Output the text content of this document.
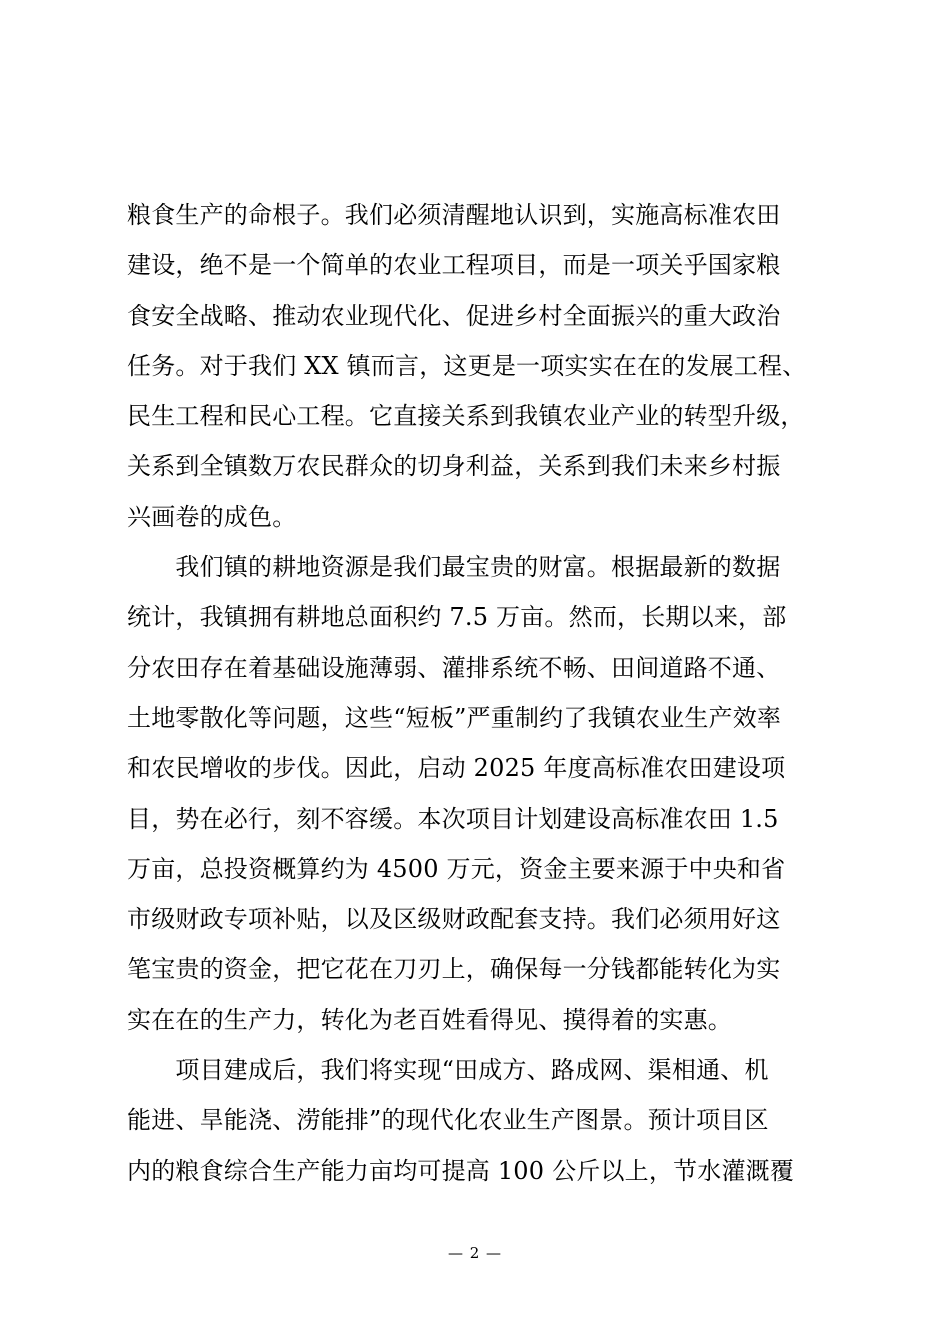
粮食生产的命根子。我们必须清醒地认识到，实施高标准农田
建设，绝不是一个简单的农业工程项目，而是一项关乎国家粮
食安全战略、推动农业现代化、促进乡村全面振兴的重大政治
任务。对于我们 XX 镇而言，这更是一项实实在在的发展工程、
民生工程和民心工程。它直接关系到我镇农业产业的转型升级，
关系到全镇数万农民群众的切身利益，关系到我们未来乡村振
兴画卷的成色。
　　我们镇的耕地资源是我们最宝贵的财富。根据最新的数据
统计，我镇拥有耕地总面积约 7.5 万亩。然而，长期以来，部
分农田存在着基础设施薄弱、灌排系统不畅、田间道路不通、
土地零散化等问题，这些“短板”严重制约了我镇农业生产效率
和农民增收的步伐。因此，启动 2025 年度高标准农田建设项
目，势在必行，刻不容缓。本次项目计划建设高标准农田 1.5
万亩，总投资概算约为 4500 万元，资金主要来源于中央和省
市级财政专项补贴，以及区级财政配套支持。我们必须用好这
笔宝贵的资金，把它花在刀刃上，确保每一分钱都能转化为实
实在在的生产力，转化为老百姓看得见、摸得着的实惠。
　　项目建成后，我们将实现“田成方、路成网、渠相通、机
能进、旱能浇、涝能排”的现代化农业生产图景。预计项目区
内的粮食综合生产能力亩均可提高 100 公斤以上，节水灌溉覆
— 2 —
